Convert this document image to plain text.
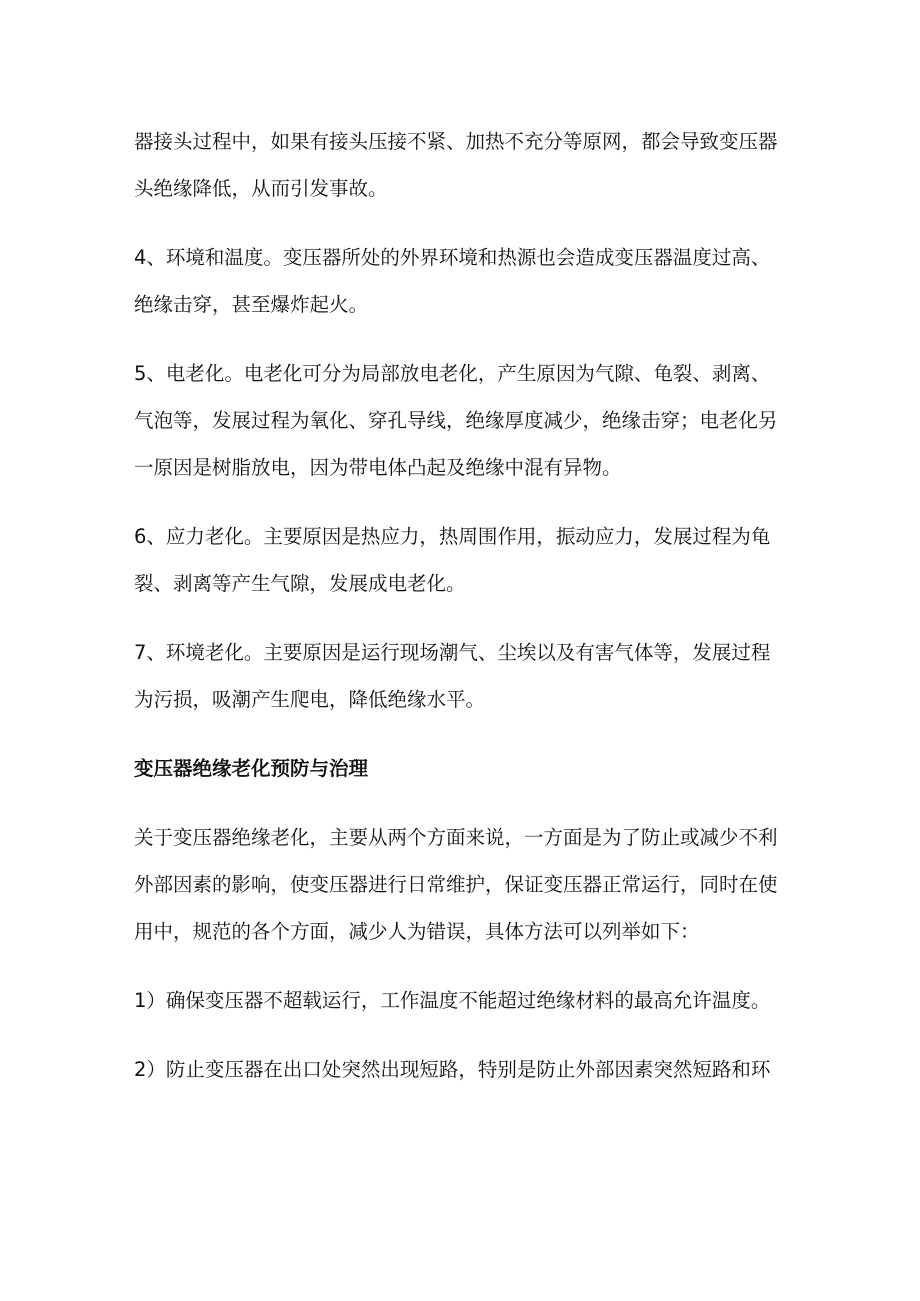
器接头过程中，如果有接头压接不紧、加热不充分等原网，都会导致变压器
头绝缘降低，从而引发事故。
4、环境和温度。变压器所处的外界环境和热源也会造成变压器温度过高、
绝缘击穿，甚至爆炸起火。
5、电老化。电老化可分为局部放电老化，产生原因为气隙、龟裂、剥离、
气泡等，发展过程为氧化、穿孔导线，绝缘厚度减少，绝缘击穿；电老化另
一原因是树脂放电，因为带电体凸起及绝缘中混有异物。
6、应力老化。主要原因是热应力，热周围作用，振动应力，发展过程为龟
裂、剥离等产生气隙，发展成电老化。
7、环境老化。主要原因是运行现场潮气、尘埃以及有害气体等，发展过程
为污损，吸潮产生爬电，降低绝缘水平。
变压器绝缘老化预防与治理
关于变压器绝缘老化，主要从两个方面来说，一方面是为了防止或减少不利
外部因素的影响，使变压器进行日常维护，保证变压器正常运行，同时在使
用中，规范的各个方面，减少人为错误，具体方法可以列举如下：
1）确保变压器不超载运行，工作温度不能超过绝缘材料的最高允许温度。
2）防止变压器在出口处突然出现短路，特别是防止外部因素突然短路和环
